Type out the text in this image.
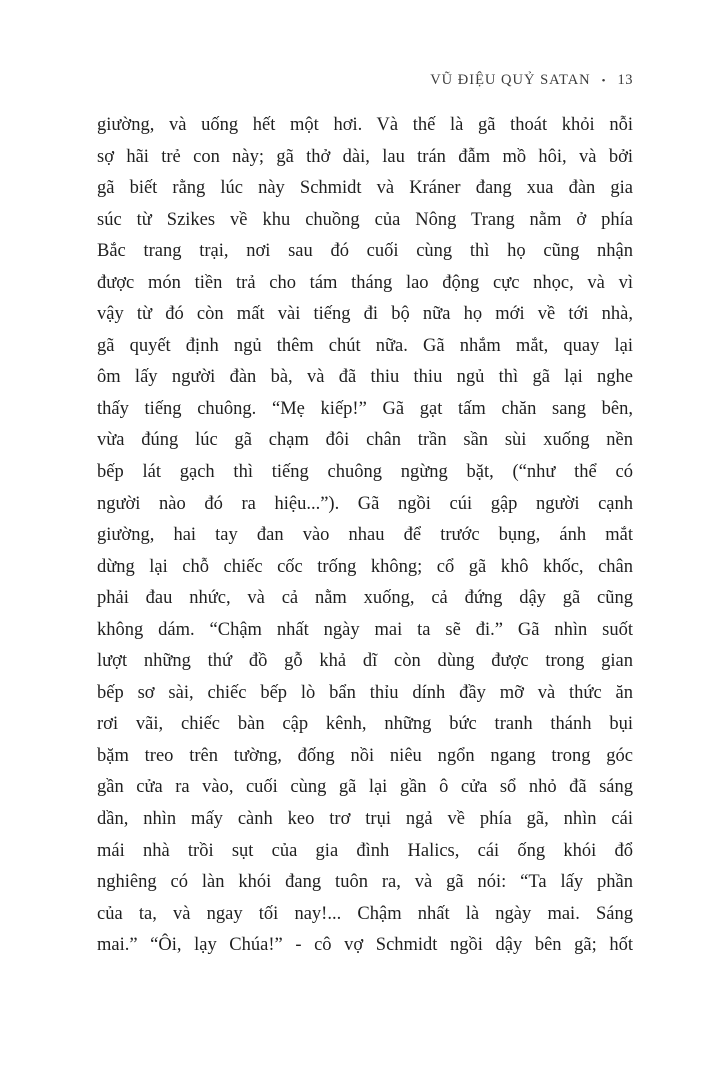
VŨ ĐIỆU QUỶ SATAN • 13
giường, và uống hết một hơi. Và thế là gã thoát khỏi nỗi
sợ hãi trẻ con này; gã thở dài, lau trán đẫm mồ hôi, và bởi
gã biết rằng lúc này Schmidt và Kráner đang xua đàn gia
súc từ Szikes về khu chuồng của Nông Trang nằm ở phía
Bắc trang trại, nơi sau đó cuối cùng thì họ cũng nhận
được món tiền trả cho tám tháng lao động cực nhọc, và vì
vậy từ đó còn mất vài tiếng đi bộ nữa họ mới về tới nhà,
gã quyết định ngủ thêm chút nữa. Gã nhắm mắt, quay lại
ôm lấy người đàn bà, và đã thiu thiu ngủ thì gã lại nghe
thấy tiếng chuông. “Mẹ kiếp!” Gã gạt tấm chăn sang bên,
vừa đúng lúc gã chạm đôi chân trần sần sùi xuống nền
bếp lát gạch thì tiếng chuông ngừng bặt, (“như thể có
người nào đó ra hiệu...”). Gã ngồi cúi gập người cạnh
giường, hai tay đan vào nhau để trước bụng, ánh mắt
dừng lại chỗ chiếc cốc trống không; cổ gã khô khốc, chân
phải đau nhức, và cả nằm xuống, cả đứng dậy gã cũng
không dám. “Chậm nhất ngày mai ta sẽ đi.” Gã nhìn suốt
lượt những thứ đồ gỗ khả dĩ còn dùng được trong gian
bếp sơ sài, chiếc bếp lò bẩn thỉu dính đầy mỡ và thức ăn
rơi vãi, chiếc bàn cập kênh, những bức tranh thánh bụi
bặm treo trên tường, đống nồi niêu ngổn ngang trong góc
gần cửa ra vào, cuối cùng gã lại gần ô cửa sổ nhỏ đã sáng
dần, nhìn mấy cành keo trơ trụi ngả về phía gã, nhìn cái
mái nhà trồi sụt của gia đình Halics, cái ống khói đổ
nghiêng có làn khói đang tuôn ra, và gã nói: “Ta lấy phần
của ta, và ngay tối nay!... Chậm nhất là ngày mai. Sáng
mai.” “Ôi, lạy Chúa!” - cô vợ Schmidt ngồi dậy bên gã; hốt
